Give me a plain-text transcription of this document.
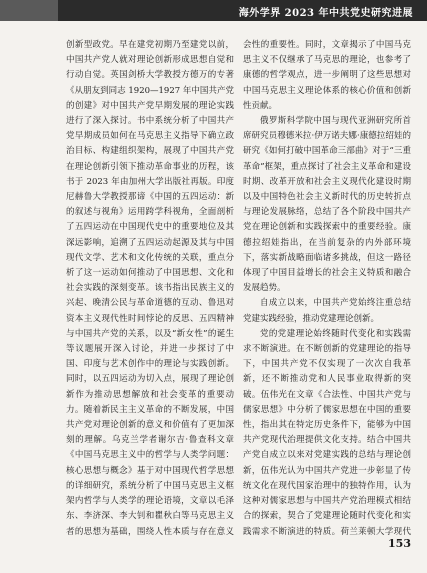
海外学界 2023 年中共党史研究进展

创新型政党。早在建党初期乃至建党以前，中国共产党人就对理论创新形成思想自觉和行动自觉。英国剑桥大学教授方德万的专著《从朋友到同志 1920—1927 年中国共产党的创建》对中国共产党早期发展的理论实践进行了深入探讨。书中系统分析了中国共产党早期成员如何在马克思主义指导下确立政治目标、构建组织架构，展现了中国共产党在理论创新引领下推动革命事业的历程，该书于 2023 年由加州大学出版社再版。印度尼赫鲁大学教授那谛《中国的五四运动：新的叙述与视角》运用跨学科视角，全面剖析了五四运动在中国现代史中的重要地位及其深远影响，追溯了五四运动起源及其与中国现代文学、艺术和文化传统的关联，重点分析了这一运动如何推动了中国思想、文化和社会实践的深刻变革。该书指出民族主义的兴起、晚清公民与革命道德的互动、鲁迅对资本主义现代性时间悖论的反思、五四精神与中国共产党的关系，以及“新女性”的诞生等议题展开深入讨论，并进一步探讨了中国、印度与艺术创作中的理论与实践创新。同时，以五四运动为切入点，展现了理论创新作为推动思想解放和社会变革的重要动力。随着新民主主义革命的不断发展，中国共产党对理论创新的意义和价值有了更加深刻的理解。乌克兰学者谢尔吉·鲁查科文章《中国马克思主义中的哲学与人类学问题：核心思想与概念》基于对中国现代哲学思想的详细研究，系统分析了中国马克思主义框架内哲学与人类学的理论语境，文章以毛泽东、李济深、李大钊和瞿秋白等马克思主义者的思想为基础，围绕人性本质与存在意义

会性的重要性。同时，文章揭示了中国马克思主义不仅继承了马克思的理论，也参考了康德的哲学观点，进一步阐明了这些思想对中国马克思主义理论体系的核心价值和创新性贡献。

俄罗斯科学院中国与现代亚洲研究所首席研究员穆德米拉·伊万诺夫娜·康德拉绍娃的研究《如何打破中国革命三部曲》对于“三重革命”框架，重点探讨了社会主义革命和建设时期、改革开放和社会主义现代化建设时期以及中国特色社会主义新时代的历史转折点与理论发展脉络，总结了各个阶段中国共产党在理论创新和实践探索中的重要经验。康德拉绍娃指出，在当前复杂的内外部环境下，落实新战略面临诸多挑战，但这一路径体现了中国目益增长的社会主义特质和融合发展趋势。

自成立以来，中国共产党始终注重总结党建实践经验，推动党建理论创新。

党的党建理论始终随时代变化和实践需求不断演进。在不断创新的党建理论的指导下，中国共产党不仅实现了一次次自我革新，还不断推动党和人民事业取得新的突破。伍伟光在文章《合法性、中国共产党与儒家思想》中分析了儒家思想在中国的重要性，指出其在特定历史条件下，能够为中国共产党现代治理提供文化支持。结合中国共产党自成立以来对党建实践的总结与理论创新，伍伟光认为中国共产党进一步彰显了传统文化在现代国家治理中的独特作用，认为这种对儒家思想与中国共产党治理模式相结合的探索，契合了党建理论随时代变化和实践需求不断演进的特质。荷兰莱顿大学现代

153
